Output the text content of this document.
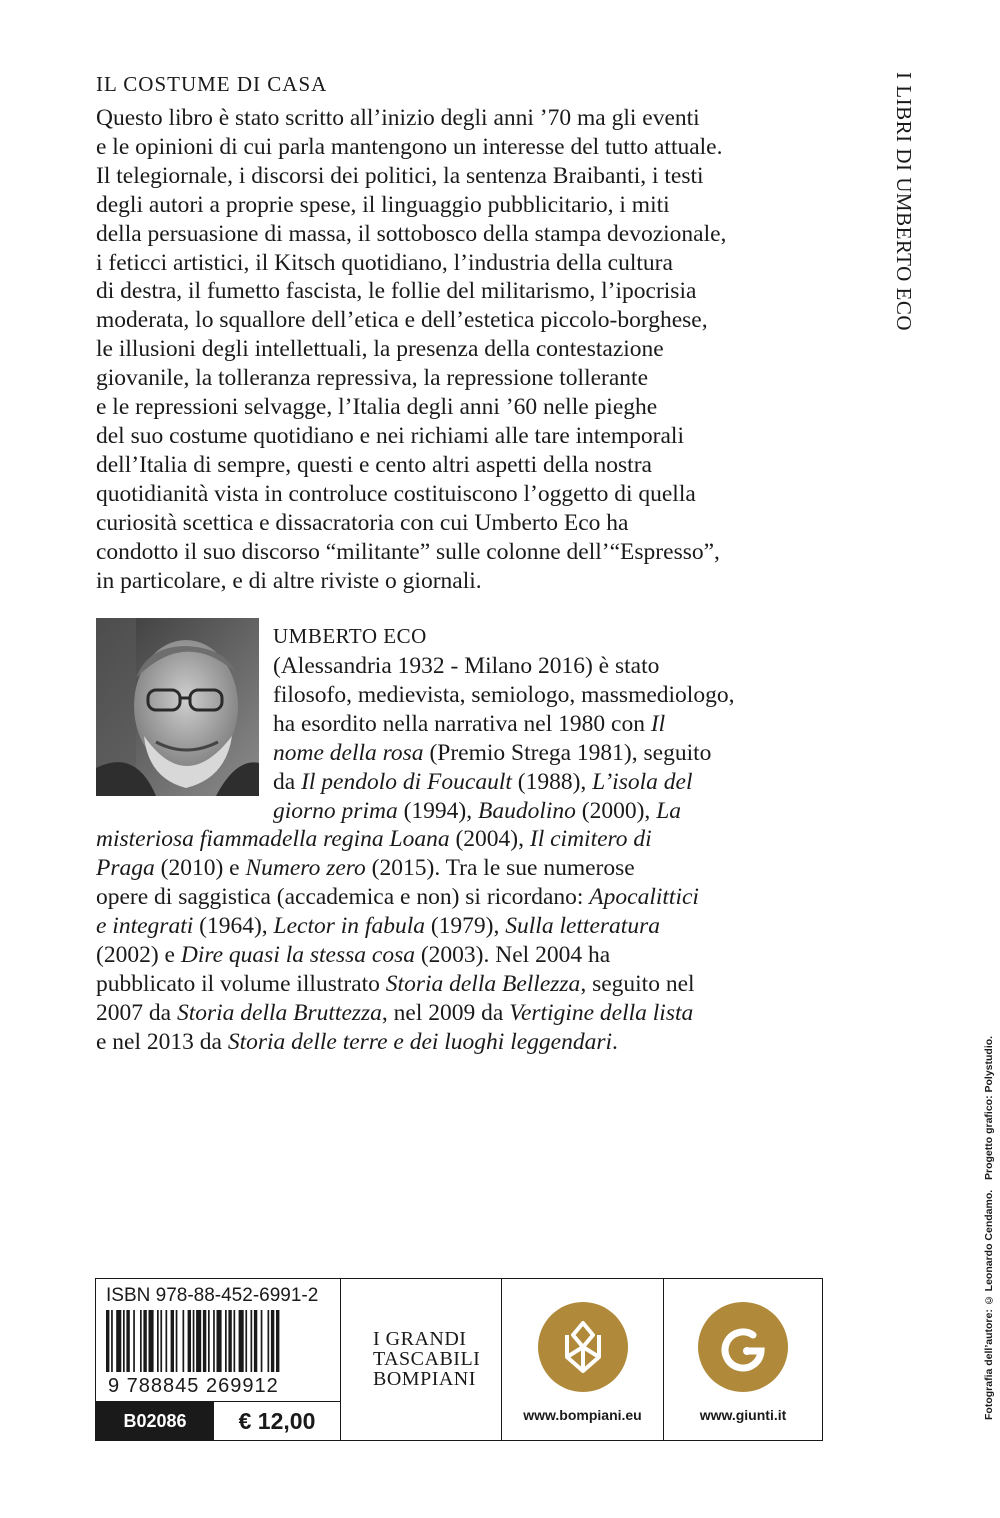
IL COSTUME DI CASA
Questo libro è stato scritto all’inizio degli anni ’70 ma gli eventi
e le opinioni di cui parla mantengono un interesse del tutto attuale.
Il telegiornale, i discorsi dei politici, la sentenza Braibanti, i testi
degli autori a proprie spese, il linguaggio pubblicitario, i miti
della persuasione di massa, il sottobosco della stampa devozionale,
i feticci artistici, il Kitsch quotidiano, l’industria della cultura
di destra, il fumetto fascista, le follie del militarismo, l’ipocrisia
moderata, lo squallore dell’etica e dell’estetica piccolo-borghese,
le illusioni degli intellettuali, la presenza della contestazione
giovanile, la tolleranza repressiva, la repressione tollerante
e le repressioni selvagge, l’Italia degli anni ’60 nelle pieghe
del suo costume quotidiano e nei richiami alle tare intemporali
dell’Italia di sempre, questi e cento altri aspetti della nostra
quotidianità vista in controluce costituiscono l’oggetto di quella
curiosità scettica e dissacratoria con cui Umberto Eco ha
condotto il suo discorso “militante” sulle colonne dell’“Espresso”,
in particolare, e di altre riviste o giornali.
I LIBRI DI UMBERTO ECO
UMBERTO ECO
(Alessandria 1932 - Milano 2016) è stato
filosofo, medievista, semiologo, massmediologo,
ha esordito nella narrativa nel 1980 con Il
nome della rosa (Premio Strega 1981), seguito
da Il pendolo di Foucault (1988), L’isola del
giorno prima (1994), Baudolino (2000), La
misteriosa fiammadella regina Loana (2004), Il cimitero di
Praga (2010) e Numero zero (2015). Tra le sue numerose
opere di saggistica (accademica e non) si ricordano: Apocalittici
e integrati (1964), Lector in fabula (1979), Sulla letteratura
(2002) e Dire quasi la stessa cosa (2003). Nel 2004 ha
pubblicato il volume illustrato Storia della Bellezza, seguito nel
2007 da Storia della Bruttezza, nel 2009 da Vertigine della lista
e nel 2013 da Storia delle terre e dei luoghi leggendari.
Fotografia dell’autore: © Leonardo Cendamo.
Progetto grafico: Polystudio.
ISBN 978-88-452-6991-2
9 788845 269912
B02086	€ 12,00
I GRANDI
TASCABILI
BOMPIANI
www.bompiani.eu	www.giunti.it
